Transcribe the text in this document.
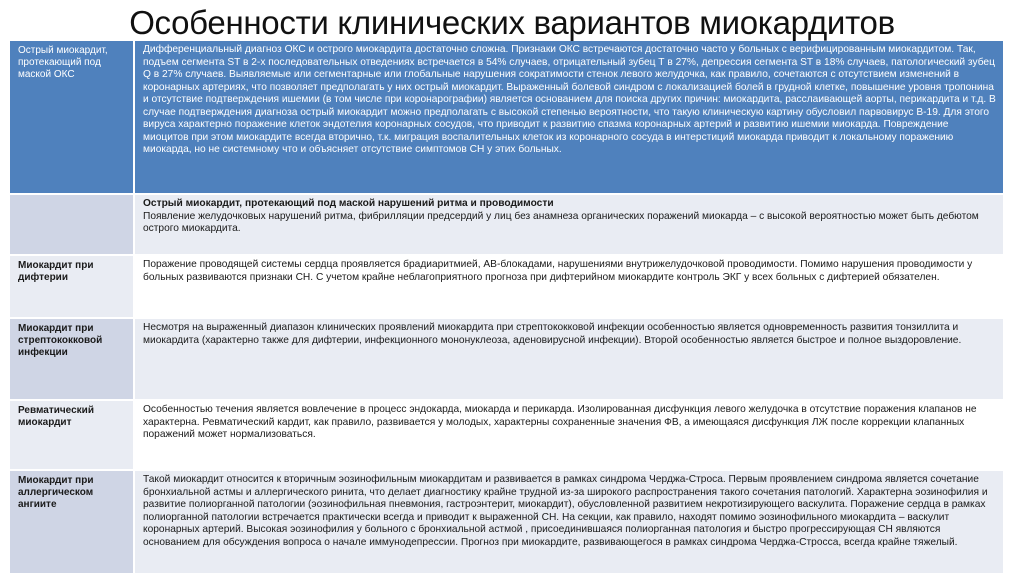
Особенности клинических вариантов миокардитов
Острый миокардит, протекающий под маской ОКС

Дифференциальный диагноз ОКС и острого миокардита достаточно сложна. Признаки ОКС встречаются достаточно часто у больных с верифицированным миокардитом. Так, подъем сегмента ST в 2-х последовательных отведениях встречается в 54% случаев, отрицательный зубец Т в 27%, депрессия сегмента ST в 18% случаев, патологический зубец Q в 27% случаев. Выявляемые или сегментарные или глобальные нарушения сократимости стенок левого желудочка, как правило, сочетаются с отсутствием изменений в коронарных артериях, что позволяет предполагать у них острый миокардит. Выраженный болевой синдром с локализацией болей в грудной клетке, повышение уровня тропонина и отсутствие подтверждения ишемии (в том числе при коронарографии) является основанием для поиска других причин: миокардита, расслаивающей аорты, перикардита и т.д. В случае подтверждения диагноза острый миокардит можно предполагать с высокой степенью вероятности, что такую клиническую картину обусловил парвовирус В-19. Для этого вируса характерно поражение клеток эндотелия коронарных сосудов, что приводит к развитию спазма коронарных артерий и развитию ишемии миокарда. Повреждение миоцитов при этом миокардите всегда вторично, т.к. миграция воспалительных клеток из коронарного сосуда в интерстиций миокарда приводит к локальному поражению миокарда, но не системному что и объясняет отсутствие симптомов СН у этих больных.

Острый миокардит, протекающий под маской нарушений ритма и проводимости

Появление желудочковых нарушений ритма, фибрилляции предсердий у лиц без анамнеза органических поражений миокарда – с высокой вероятностью может быть дебютом острого миокардита.

Миокардит при дифтерии

Поражение проводящей системы сердца проявляется брадиаритмией, АВ-блокадами, нарушениями внутрижелудочковой проводимости. Помимо нарушения проводимости у больных развиваются признаки СН. С учетом крайне неблагоприятного прогноза при дифтерийном миокардите контроль ЭКГ у всех больных с дифтерией обязателен.

Миокардит при стрептококковой инфекции

Несмотря на выраженный диапазон клинических проявлений миокардита при стрептококковой инфекции особенностью является одновременность развития тонзиллита и миокардита (характерно также для дифтерии, инфекционного мононуклеоза, аденовирусной инфекции). Второй особенностью является быстрое и полное выздоровление.

Ревматический миокардит

Особенностью течения является вовлечение в процесс эндокарда, миокарда и перикарда. Изолированная дисфункция левого желудочка в отсутствие поражения клапанов не характерна. Ревматический кардит, как правило, развивается у молодых, характерны сохраненные значения ФВ, а имеющаяся дисфункция ЛЖ после коррекции клапанных поражений может нормализоваться.

Миокардит при аллергическом ангиите

Такой миокардит относится к вторичным эозинофильным миокардитам и развивается в рамках синдрома Черджа-Строса. Первым проявлением синдрома является сочетание бронхиальной астмы и аллергического ринита, что делает диагностику крайне трудной из-за широкого распространения такого сочетания патологий. Характерна эозинофилия и развитие полиорганной патологии (эозинофильная пневмония, гастроэнтерит, миокардит), обусловленной развитием некротизирующего васкулита. Поражение сердца в рамках полиорганной патологии встречается практически всегда и приводит к выраженной СН. На секции, как правило, находят помимо эозинофильного миокардита – васкулит коронарных артерий. Высокая эозинофилия у больного с бронхиальной астмой , присоединившаяся полиорганная патология и быстро прогрессирующая СН являются основанием для обсуждения вопроса о начале иммунодепрессии. Прогноз при миокардите, развивающегося в рамках синдрома Черджа-Стросса, всегда крайне тяжелый.
